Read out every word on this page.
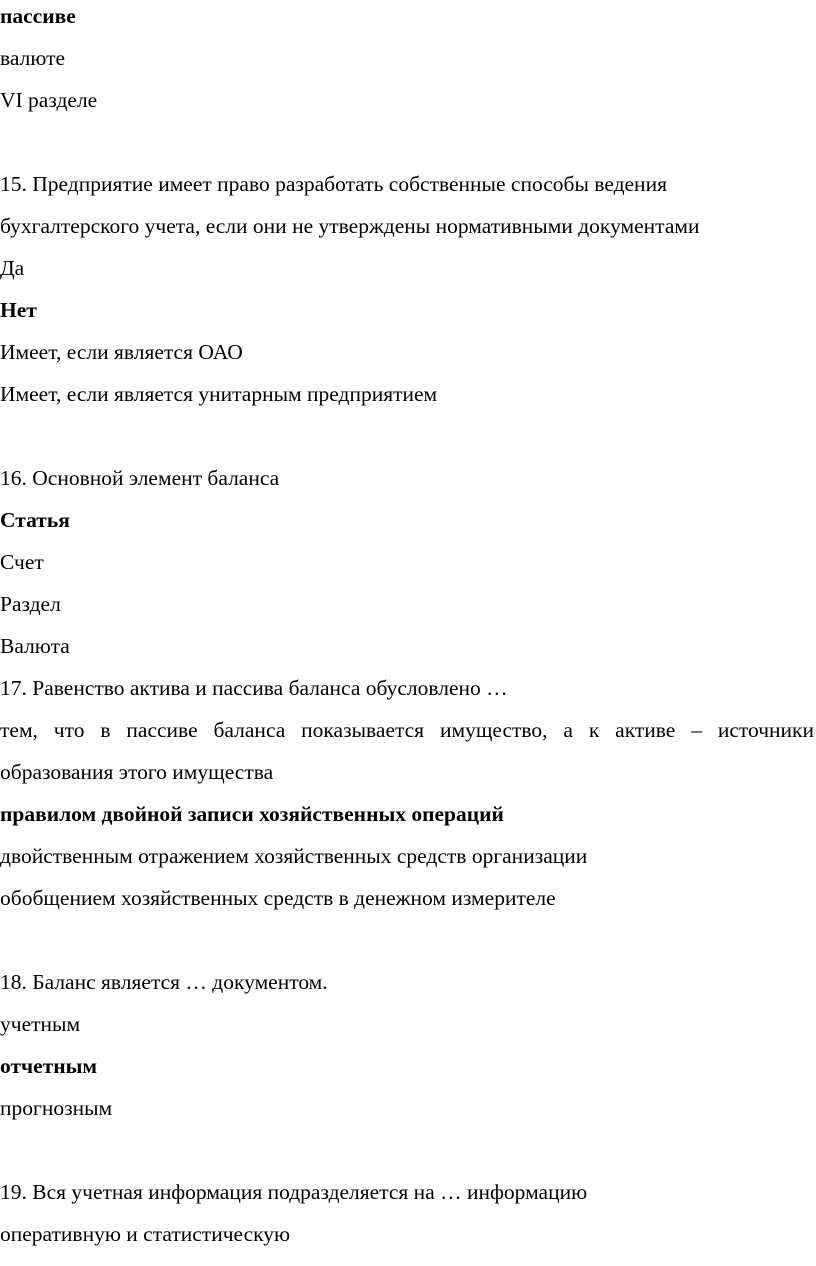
пассиве
валюте
VI разделе
15. Предприятие имеет право разработать собственные способы ведения
бухгалтерского учета, если они не утверждены нормативными документами
Да
Нет
Имеет, если является ОАО
Имеет, если является унитарным предприятием
16. Основной элемент баланса
Статья
Счет
Раздел
Валюта
17. Равенство актива и пассива баланса обусловлено …
тем, что в пассиве баланса показывается имущество, а к активе – источники
образования этого имущества
правилом двойной записи хозяйственных операций
двойственным отражением хозяйственных средств организации
обобщением хозяйственных средств в денежном измерителе
18. Баланс является … документом.
учетным
отчетным
прогнозным
19. Вся учетная информация подразделяется на … информацию
оперативную и статистическую
